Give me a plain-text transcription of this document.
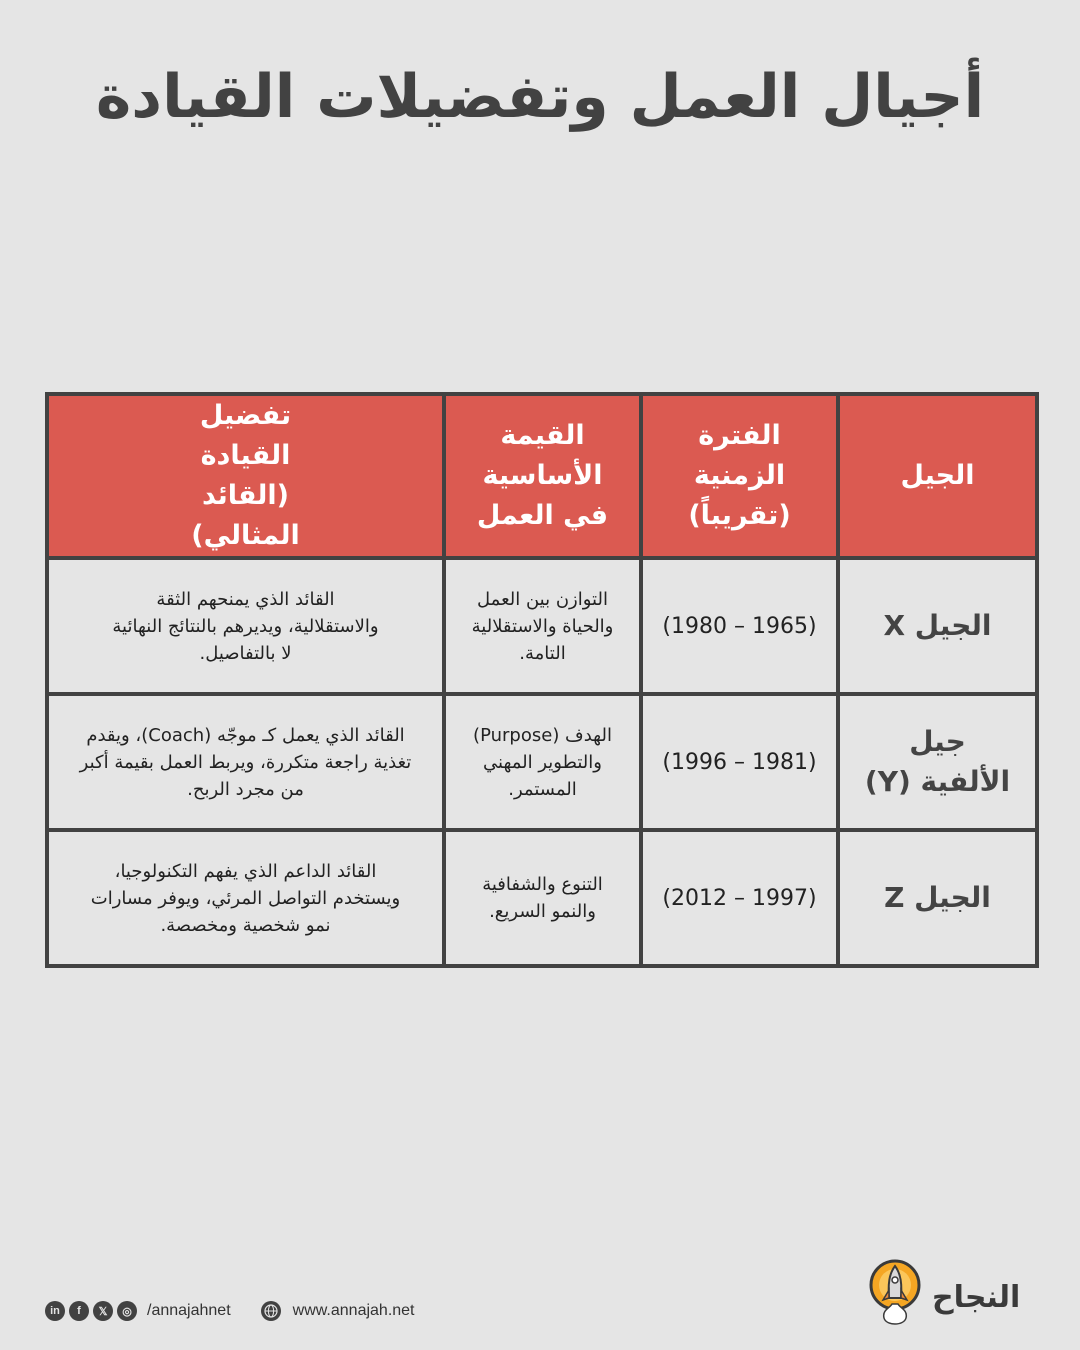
أجيال العمل وتفضيلات القيادة
الجيل	الفترة الزمنية (تقريباً)	القيمة الأساسية في العمل	تفضيل القيادة (القائد المثالي)
الجيل X	(1980 – 1965)	التوازن بين العمل والحياة والاستقلالية التامة.	القائد الذي يمنحهم الثقة والاستقلالية، ويديرهم بالنتائج النهائية لا بالتفاصيل.
جيل الألفية (Y)	(1996 – 1981)	الهدف (Purpose) والتطوير المهني المستمر.	القائد الذي يعمل كـ موجّه (Coach)، ويقدم تغذية راجعة متكررة، ويربط العمل بقيمة أكبر من مجرد الربح.
الجيل Z	(2012 – 1997)	التنوع والشفافية والنمو السريع.	القائد الداعم الذي يفهم التكنولوجيا، ويستخدم التواصل المرئي، ويوفر مسارات نمو شخصية ومخصصة.
in	f	𝕏	◎ /annajahnet	www.annajah.net	النجاح
